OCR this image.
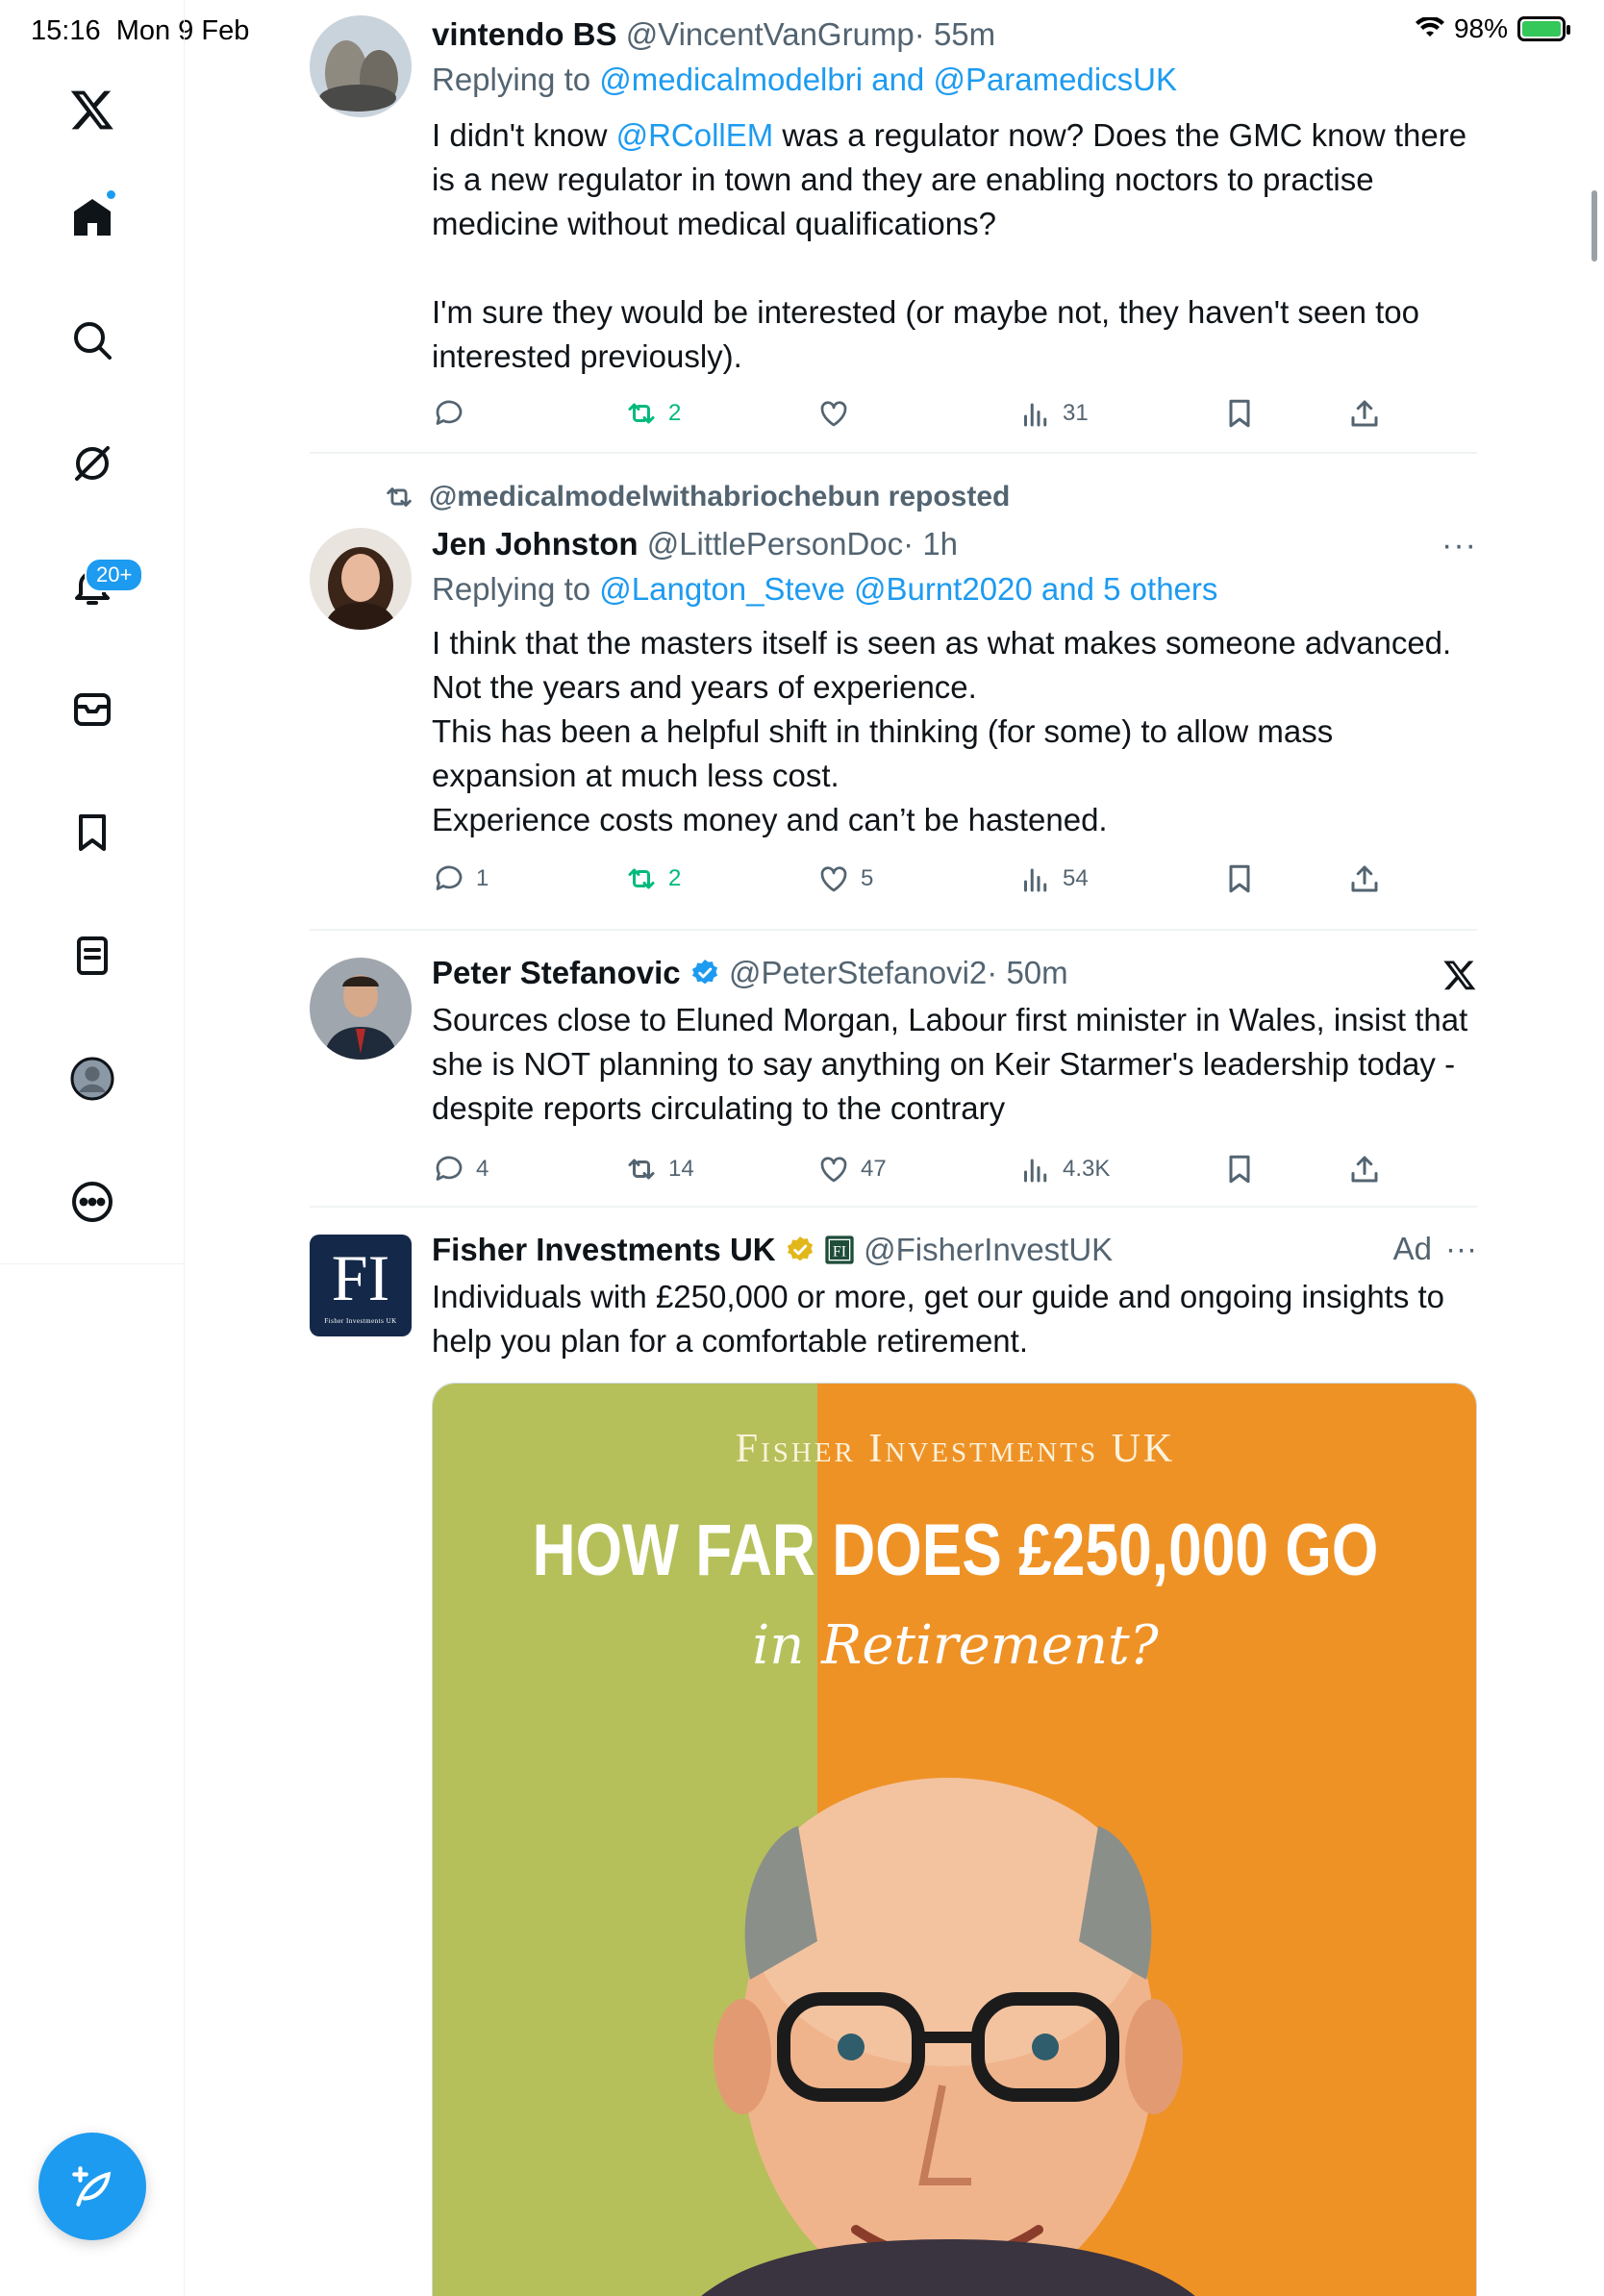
15:16 Mon 9 Feb	98%
20+
vintendo BS @VincentVanGrump· 55m
Replying to @medicalmodelbri and @ParamedicsUK

I didn't know @RCollEM was a regulator now? Does the GMC know there is a new regulator in town and they are enabling noctors to practise medicine without medical qualifications?

I'm sure they would be interested (or maybe not, they haven't seen too interested previously).

2	31
@medicalmodelwithabriochebun reposted
···
Jen Johnston @LittlePersonDoc· 1h
Replying to @Langton_Steve @Burnt2020 and 5 others

I think that the masters itself is seen as what makes someone advanced. Not the years and years of experience.

This has been a helpful shift in thinking (for some) to allow mass expansion at much less cost.

Experience costs money and can’t be hastened.

1	2	5	54
Peter Stefanovic @PeterStefanovi2· 50m
Sources close to Eluned Morgan, Labour first minister in Wales, insist that she is NOT planning to say anything on Keir Starmer's leadership today - despite reports circulating to the contrary
4	14	47	4.3K
FI
Fisher Investments UK
Ad ···
Fisher Investments UK	FI @FisherInvestUK
Individuals with £250,000 or more, get our guide and ongoing insights to help you plan for a comfortable retirement.
Fisher Investments UK
HOW FAR DOES £250,000 GO
in Retirement?
